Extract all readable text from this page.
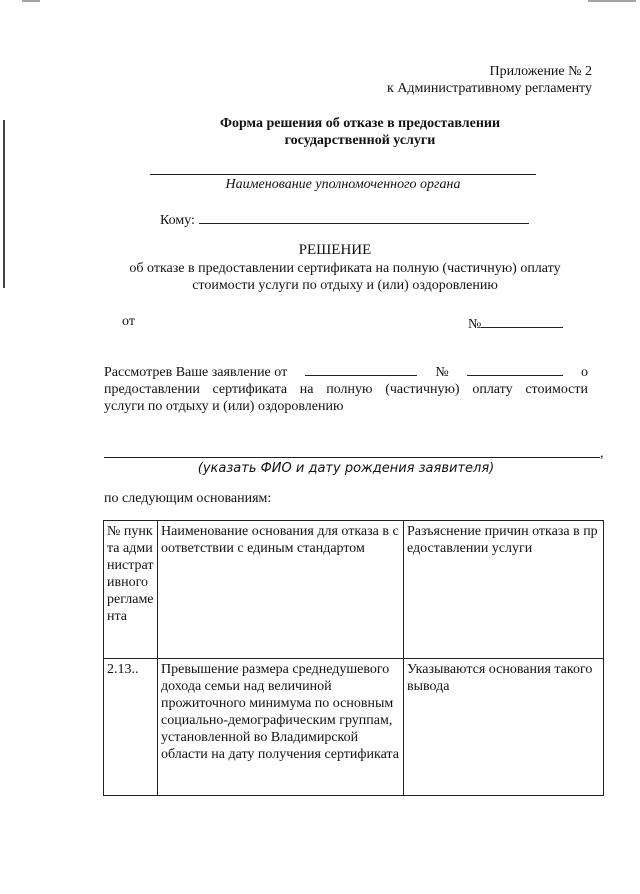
Приложение № 2
к Административному регламенту
Форма решения об отказе в предоставлении
государственной услуги
Наименование уполномоченного органа
Кому:
РЕШЕНИЕ
об отказе в предоставлении сертификата на полную (частичную) оплату
стоимости услуги по отдыху и (или) оздоровлению
от	№
Рассмотрев Ваше заявление от	№	о
предоставлении сертификата на полную (частичную) оплату стоимости
услуги по отдыху и (или) оздоровлению
,
(указать ФИО и дату рождения заявителя)
по следующим основаниям:
№ пункта административного регламента	Наименование основания для отказа в соответствии с единым стандартом	Разъяснение причин отказа в предоставлении услуги
2.13..	Превышение размера среднедушевого дохода семьи над величиной прожиточного минимума по основным социально-демографическим группам, установленной во Владимирской области на дату получения сертификата	Указываются основания такого вывода
